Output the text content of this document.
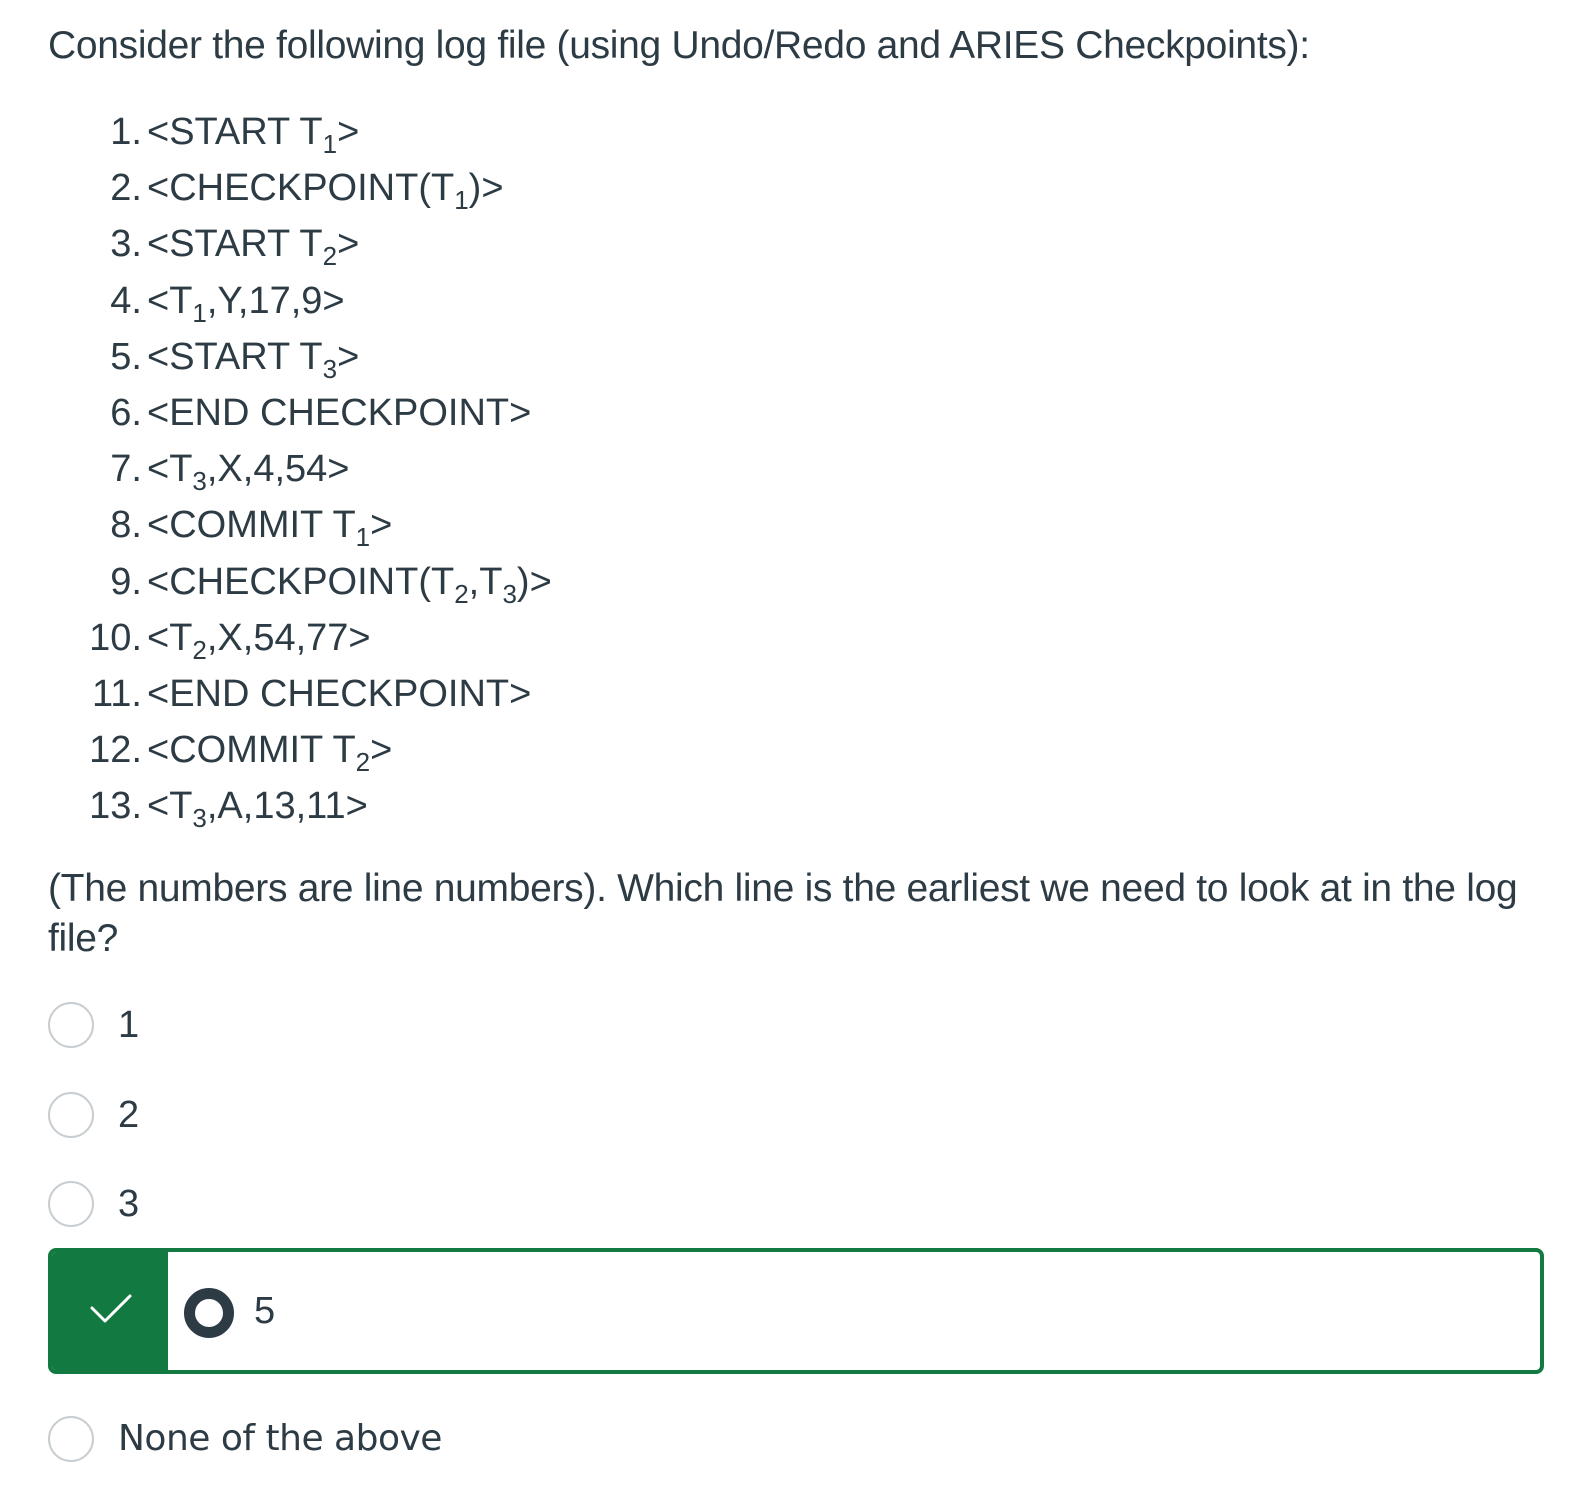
Consider the following log file (using Undo/Redo and ARIES Checkpoints):
1. <START $T_1>$
2. $<CHECKPOINT(T_1)>$
3. <START $T_2>$
4. $<T_1,Y,17,9>$
5. <START $T_3>$
6. <END CHECKPOINT>
7. $<T_3,X,4,54>$
8. <COMMIT $T_1>$
9. $<CHECKPOINT(T_2,T_3)>$
10. $<T_2,X,54,77>$
11. <END CHECKPOINT>
12. <COMMIT $T_2>$
13. $<T_3,A,13,11>$
(The numbers are line numbers). Which line is the earliest we need to look at in the log file?
1
2
3
5
None of the above
